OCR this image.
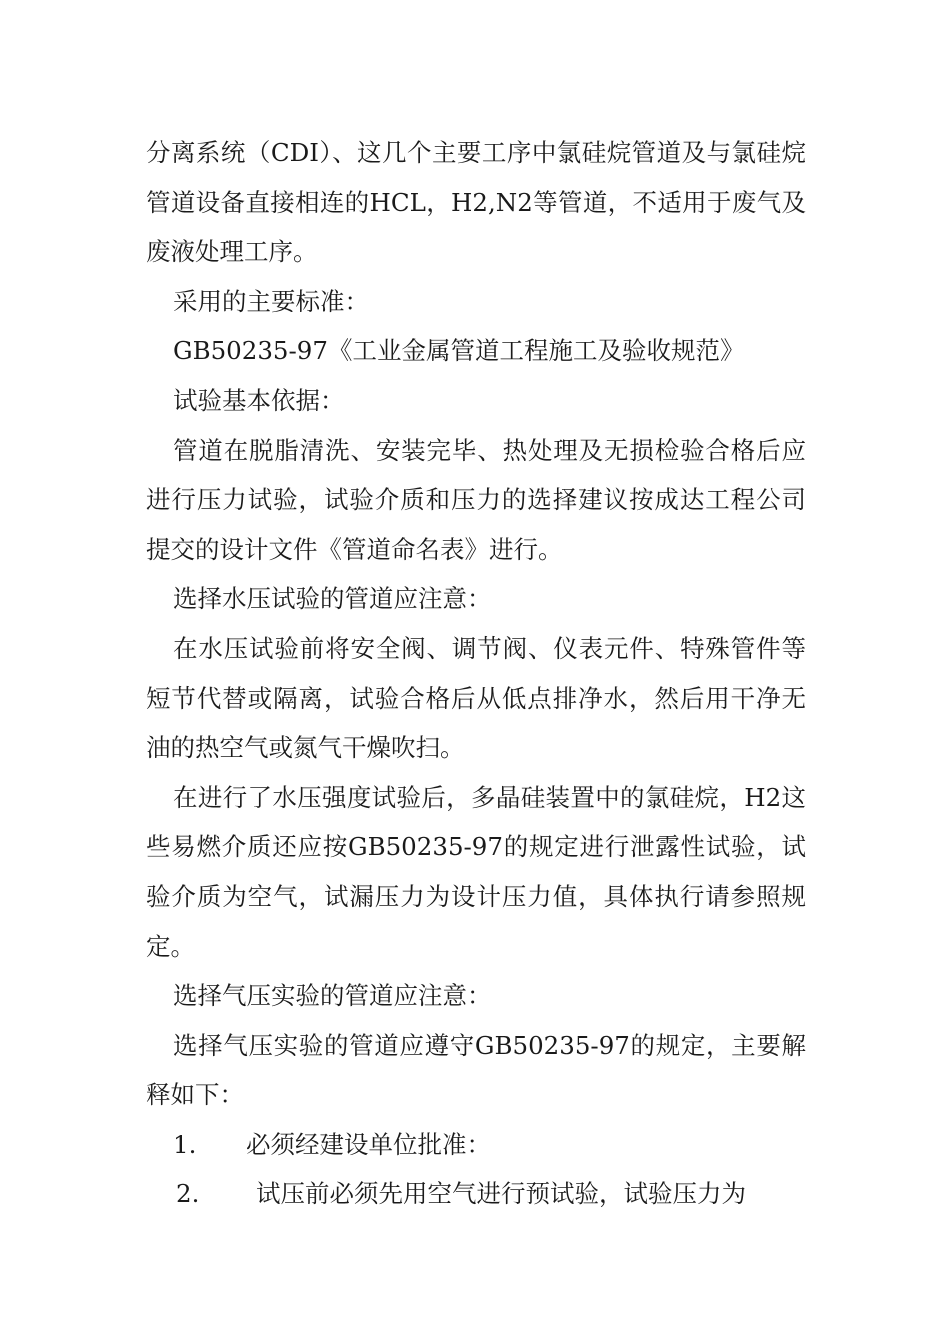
分离系统（CDI）、这几个主要工序中氯硅烷管道及与氯硅烷管道设备直接相连的HCL，H2,N2等管道，不适用于废气及废液处理工序。

采用的主要标准：

GB50235-97《工业金属管道工程施工及验收规范》

试验基本依据：

管道在脱脂清洗、安装完毕、热处理及无损检验合格后应进行压力试验，试验介质和压力的选择建议按成达工程公司提交的设计文件《管道命名表》进行。

选择水压试验的管道应注意：

在水压试验前将安全阀、调节阀、仪表元件、特殊管件等短节代替或隔离，试验合格后从低点排净水，然后用干净无油的热空气或氮气干燥吹扫。

在进行了水压强度试验后，多晶硅装置中的氯硅烷，H2这些易燃介质还应按GB50235-97的规定进行泄露性试验，试验介质为空气，试漏压力为设计压力值，具体执行请参照规定。

选择气压实验的管道应注意：

选择气压实验的管道应遵守GB50235-97的规定，主要解释如下：

1.	必须经建设单位批准：
2.	试压前必须先用空气进行预试验，试验压力为
